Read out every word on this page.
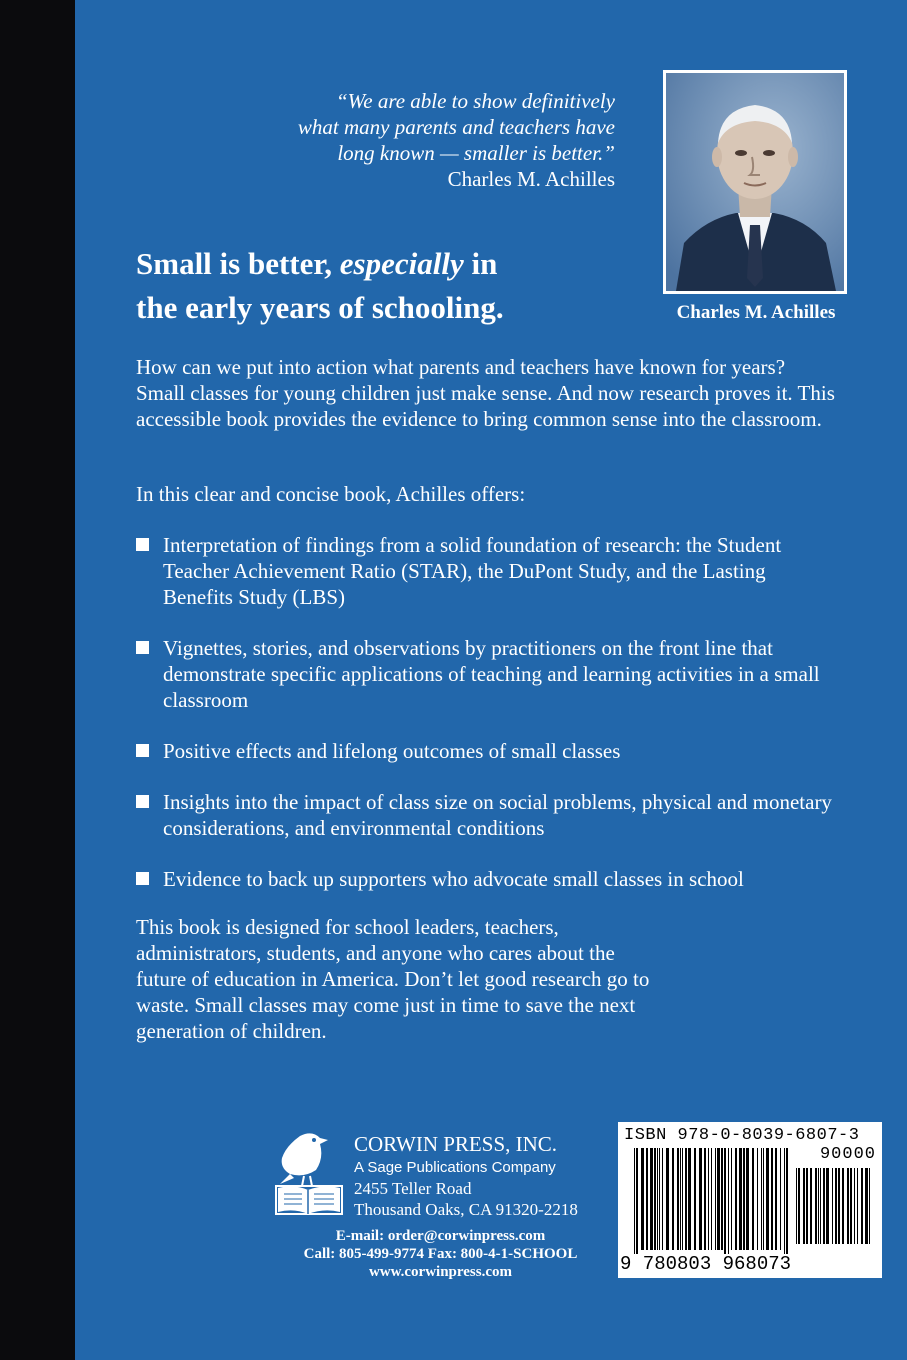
“We are able to show definitively
what many parents and teachers have
long known — smaller is better.”
Charles M. Achilles
Charles M. Achilles
Small is better, especially in
the early years of schooling.
How can we put into action what parents and teachers have known for years? Small classes for young children just make sense. And now research proves it. This accessible book provides the evidence to bring common sense into the classroom.
In this clear and concise book, Achilles offers:
Interpretation of findings from a solid foundation of research: the Student Teacher Achievement Ratio (STAR), the DuPont Study, and the Lasting Benefits Study (LBS)
Vignettes, stories, and observations by practitioners on the front line that demonstrate specific applications of teaching and learning activities in a small classroom
Positive effects and lifelong outcomes of small classes
Insights into the impact of class size on social problems, physical and monetary considerations, and environmental conditions
Evidence to back up supporters who advocate small classes in school
This book is designed for school leaders, teachers, administrators, students, and anyone who cares about the future of education in America. Don’t let good research go to waste. Small classes may come just in time to save the next generation of children.
CORWIN PRESS, INC.
A Sage Publications Company
2455 Teller Road
Thousand Oaks, CA 91320-2218
E-mail: order@corwinpress.com
Call: 805-499-9774 Fax: 800-4-1-SCHOOL
www.corwinpress.com
ISBN 978-0-8039-6807-3
90000
9 780803 968073
